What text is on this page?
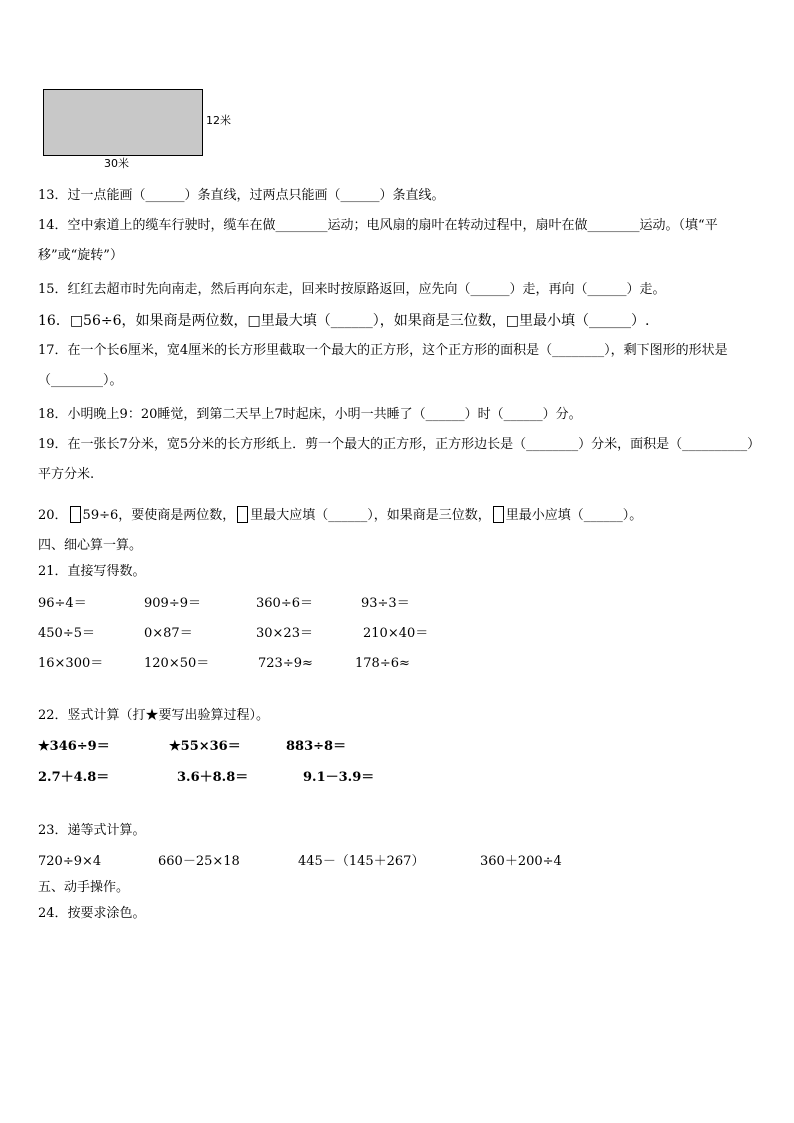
30米
12米
13．过一点能画（______）条直线，过两点只能画（______）条直线。
14．空中索道上的缆车行驶时，缆车在做________运动；电风扇的扇叶在转动过程中，扇叶在做________运动。（填“平移”或“旋转”）
15．红红去超市时先向南走，然后再向东走，回来时按原路返回，应先向（______）走，再向（______）走。
16．□56÷6，如果商是两位数，□里最大填（______），如果商是三位数，□里最小填（______）.
17．在一个长6厘米，宽4厘米的长方形里截取一个最大的正方形，这个正方形的面积是（________），剩下图形的形状是（________）。
18．小明晚上9：20睡觉，到第二天早上7时起床，小明一共睡了（______）时（______）分。
19．在一张长7分米，宽5分米的长方形纸上．剪一个最大的正方形，正方形边长是（________）分米，面积是（__________）平方分米.
20． 59÷6，要使商是两位数， 里最大应填（______），如果商是三位数， 里最小应填（______）。
四、细心算一算。
21．直接写得数。
96÷4＝	909÷9＝	360÷6＝	93÷3＝
450÷5＝	0×87＝	30×23＝	210×40＝
16×300＝	120×50＝	723÷9≈	178÷6≈
22．竖式计算（打★要写出验算过程）。
★346÷9＝	★55×36＝	883÷8＝
2.7＋4.8＝	3.6＋8.8＝	9.1－3.9＝
23．递等式计算。
720÷9×4	660－25×18	445－（145＋267）	360＋200÷4
五、动手操作。
24．按要求涂色。
